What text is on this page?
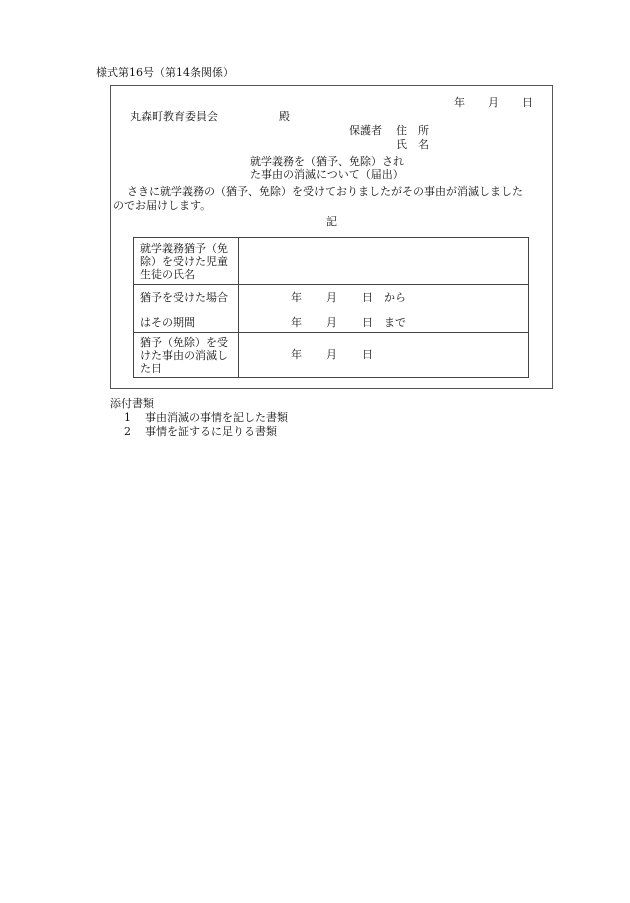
様式第16号（第14条関係）
年 月 日
丸森町教育委員会	殿
保護者 住　所
氏　名
就学義務を（猶予、免除）され
た事由の消滅について（届出）
さきに就学義務の（猶予、免除）を受けておりましたがその事由が消滅しました
のでお届けします。
記
就学義務猶予（免
除）を受けた児童
生徒の氏名
猶予を受けた場合
はその期間
年 月 日 から
年 月 日 まで
猶予（免除）を受
けた事由の消滅し
た日
年 月 日
添付書類
1 事由消滅の事情を記した書類
2 事情を証するに足りる書類
